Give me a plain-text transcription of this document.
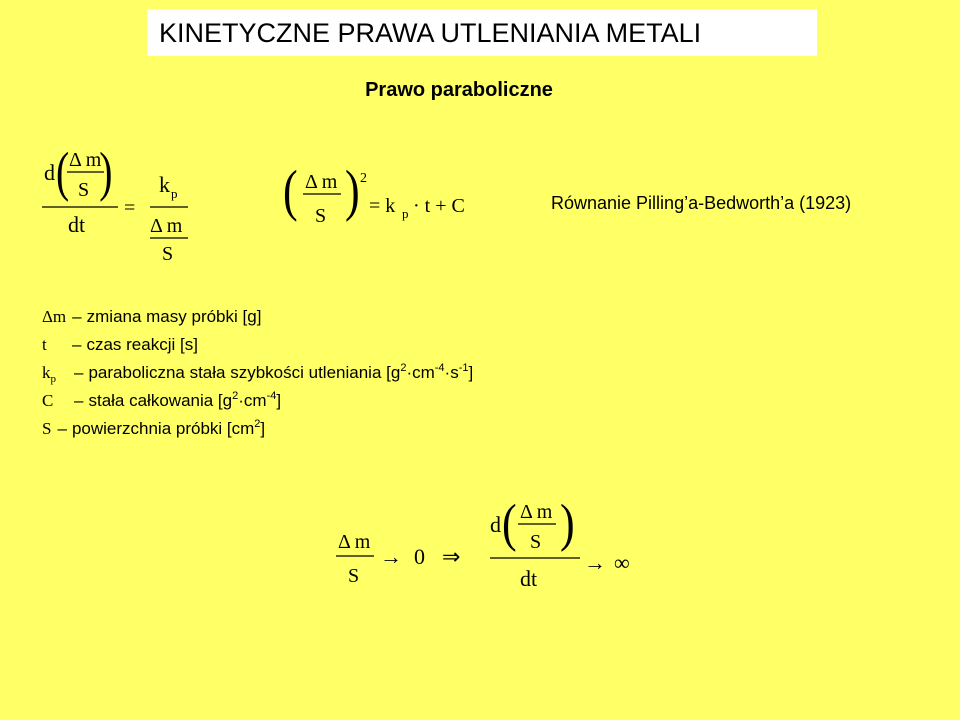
KINETYCZNE PRAWA UTLENIANIA METALI
Prawo paraboliczne
d ( Δ m
S )
dt
=
k p
Δ m
S
( Δ m
S ) 2
= k p · t + C	Równanie Pilling’a-Bedworth’a (1923)
Δm – zmiana masy próbki [g]
t – czas reakcji [s]
$k_p$ – paraboliczna stała szybkości utleniania $[g^2\cdot cm^{-4}\cdot s^{-1}]$
C – stała całkowania $[g^2\cdot cm^{-4}]$
S – powierzchnia próbki $[cm^2]$
Δ m
S
→ 0 ⇒
d ( Δ m
S )
dt
→ ∞
